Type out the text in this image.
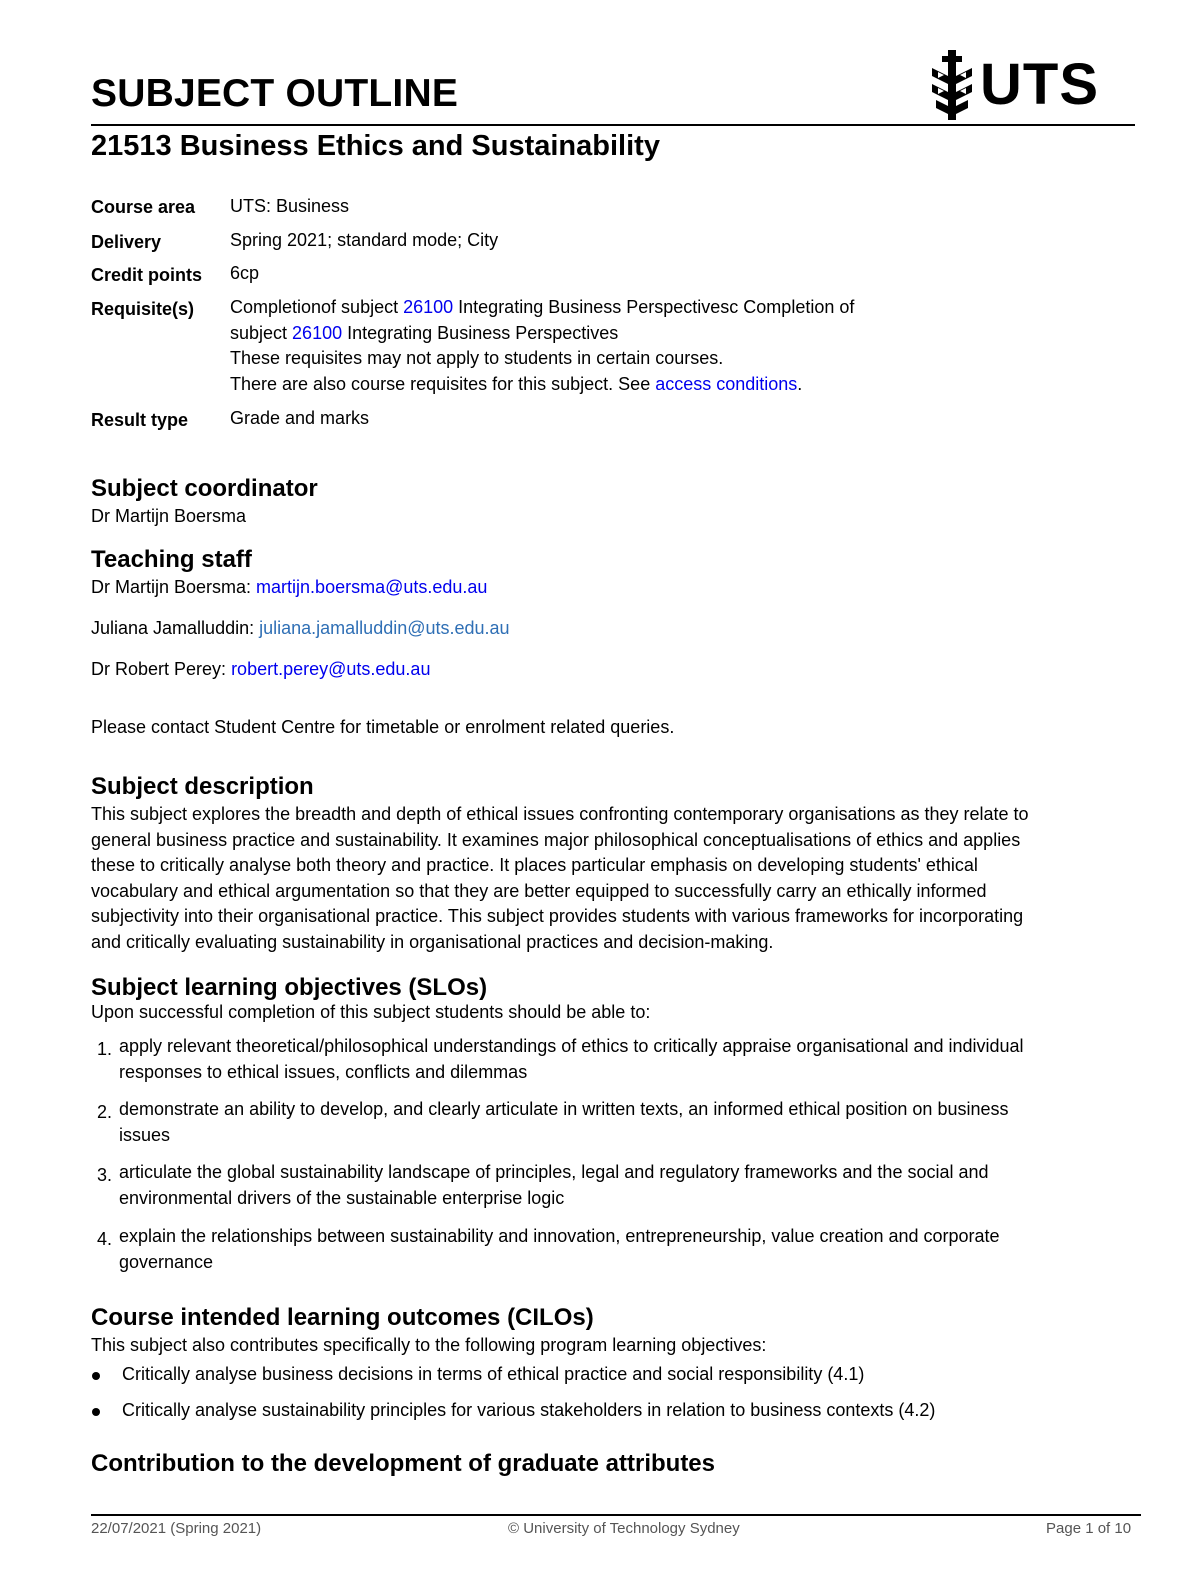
SUBJECT OUTLINE	UTS
21513 Business Ethics and Sustainability
Course area UTS: Business
Delivery	Spring 2021; standard mode; City
Credit points 6cp
Requisite(s) Completionof subject 26100 Integrating Business Perspectivesc Completion of
subject 26100 Integrating Business Perspectives
These requisites may not apply to students in certain courses.
There are also course requisites for this subject. See access conditions.
Result type Grade and marks
Subject coordinator
Dr Martijn Boersma
Teaching staff
Dr Martijn Boersma: martijn.boersma@uts.edu.au
Juliana Jamalluddin: juliana.jamalluddin@uts.edu.au
Dr Robert Perey: robert.perey@uts.edu.au
Please contact Student Centre for timetable or enrolment related queries.
Subject description
This subject explores the breadth and depth of ethical issues confronting contemporary organisations as they relate to
general business practice and sustainability. It examines major philosophical conceptualisations of ethics and applies
these to critically analyse both theory and practice. It places particular emphasis on developing students' ethical
vocabulary and ethical argumentation so that they are better equipped to successfully carry an ethically informed
subjectivity into their organisational practice. This subject provides students with various frameworks for incorporating
and critically evaluating sustainability in organisational practices and decision-making.
Subject learning objectives (SLOs)
Upon successful completion of this subject students should be able to:
1. apply relevant theoretical/philosophical understandings of ethics to critically appraise organisational and individual
responses to ethical issues, conflicts and dilemmas
2. demonstrate an ability to develop, and clearly articulate in written texts, an informed ethical position on business
issues
3. articulate the global sustainability landscape of principles, legal and regulatory frameworks and the social and
environmental drivers of the sustainable enterprise logic
4. explain the relationships between sustainability and innovation, entrepreneurship, value creation and corporate
governance
Course intended learning outcomes (CILOs)
This subject also contributes specifically to the following program learning objectives:
Critically analyse business decisions in terms of ethical practice and social responsibility (4.1)
Critically analyse sustainability principles for various stakeholders in relation to business contexts (4.2)
Contribution to the development of graduate attributes
22/07/2021 (Spring 2021)	© University of Technology Sydney	Page 1 of 10
